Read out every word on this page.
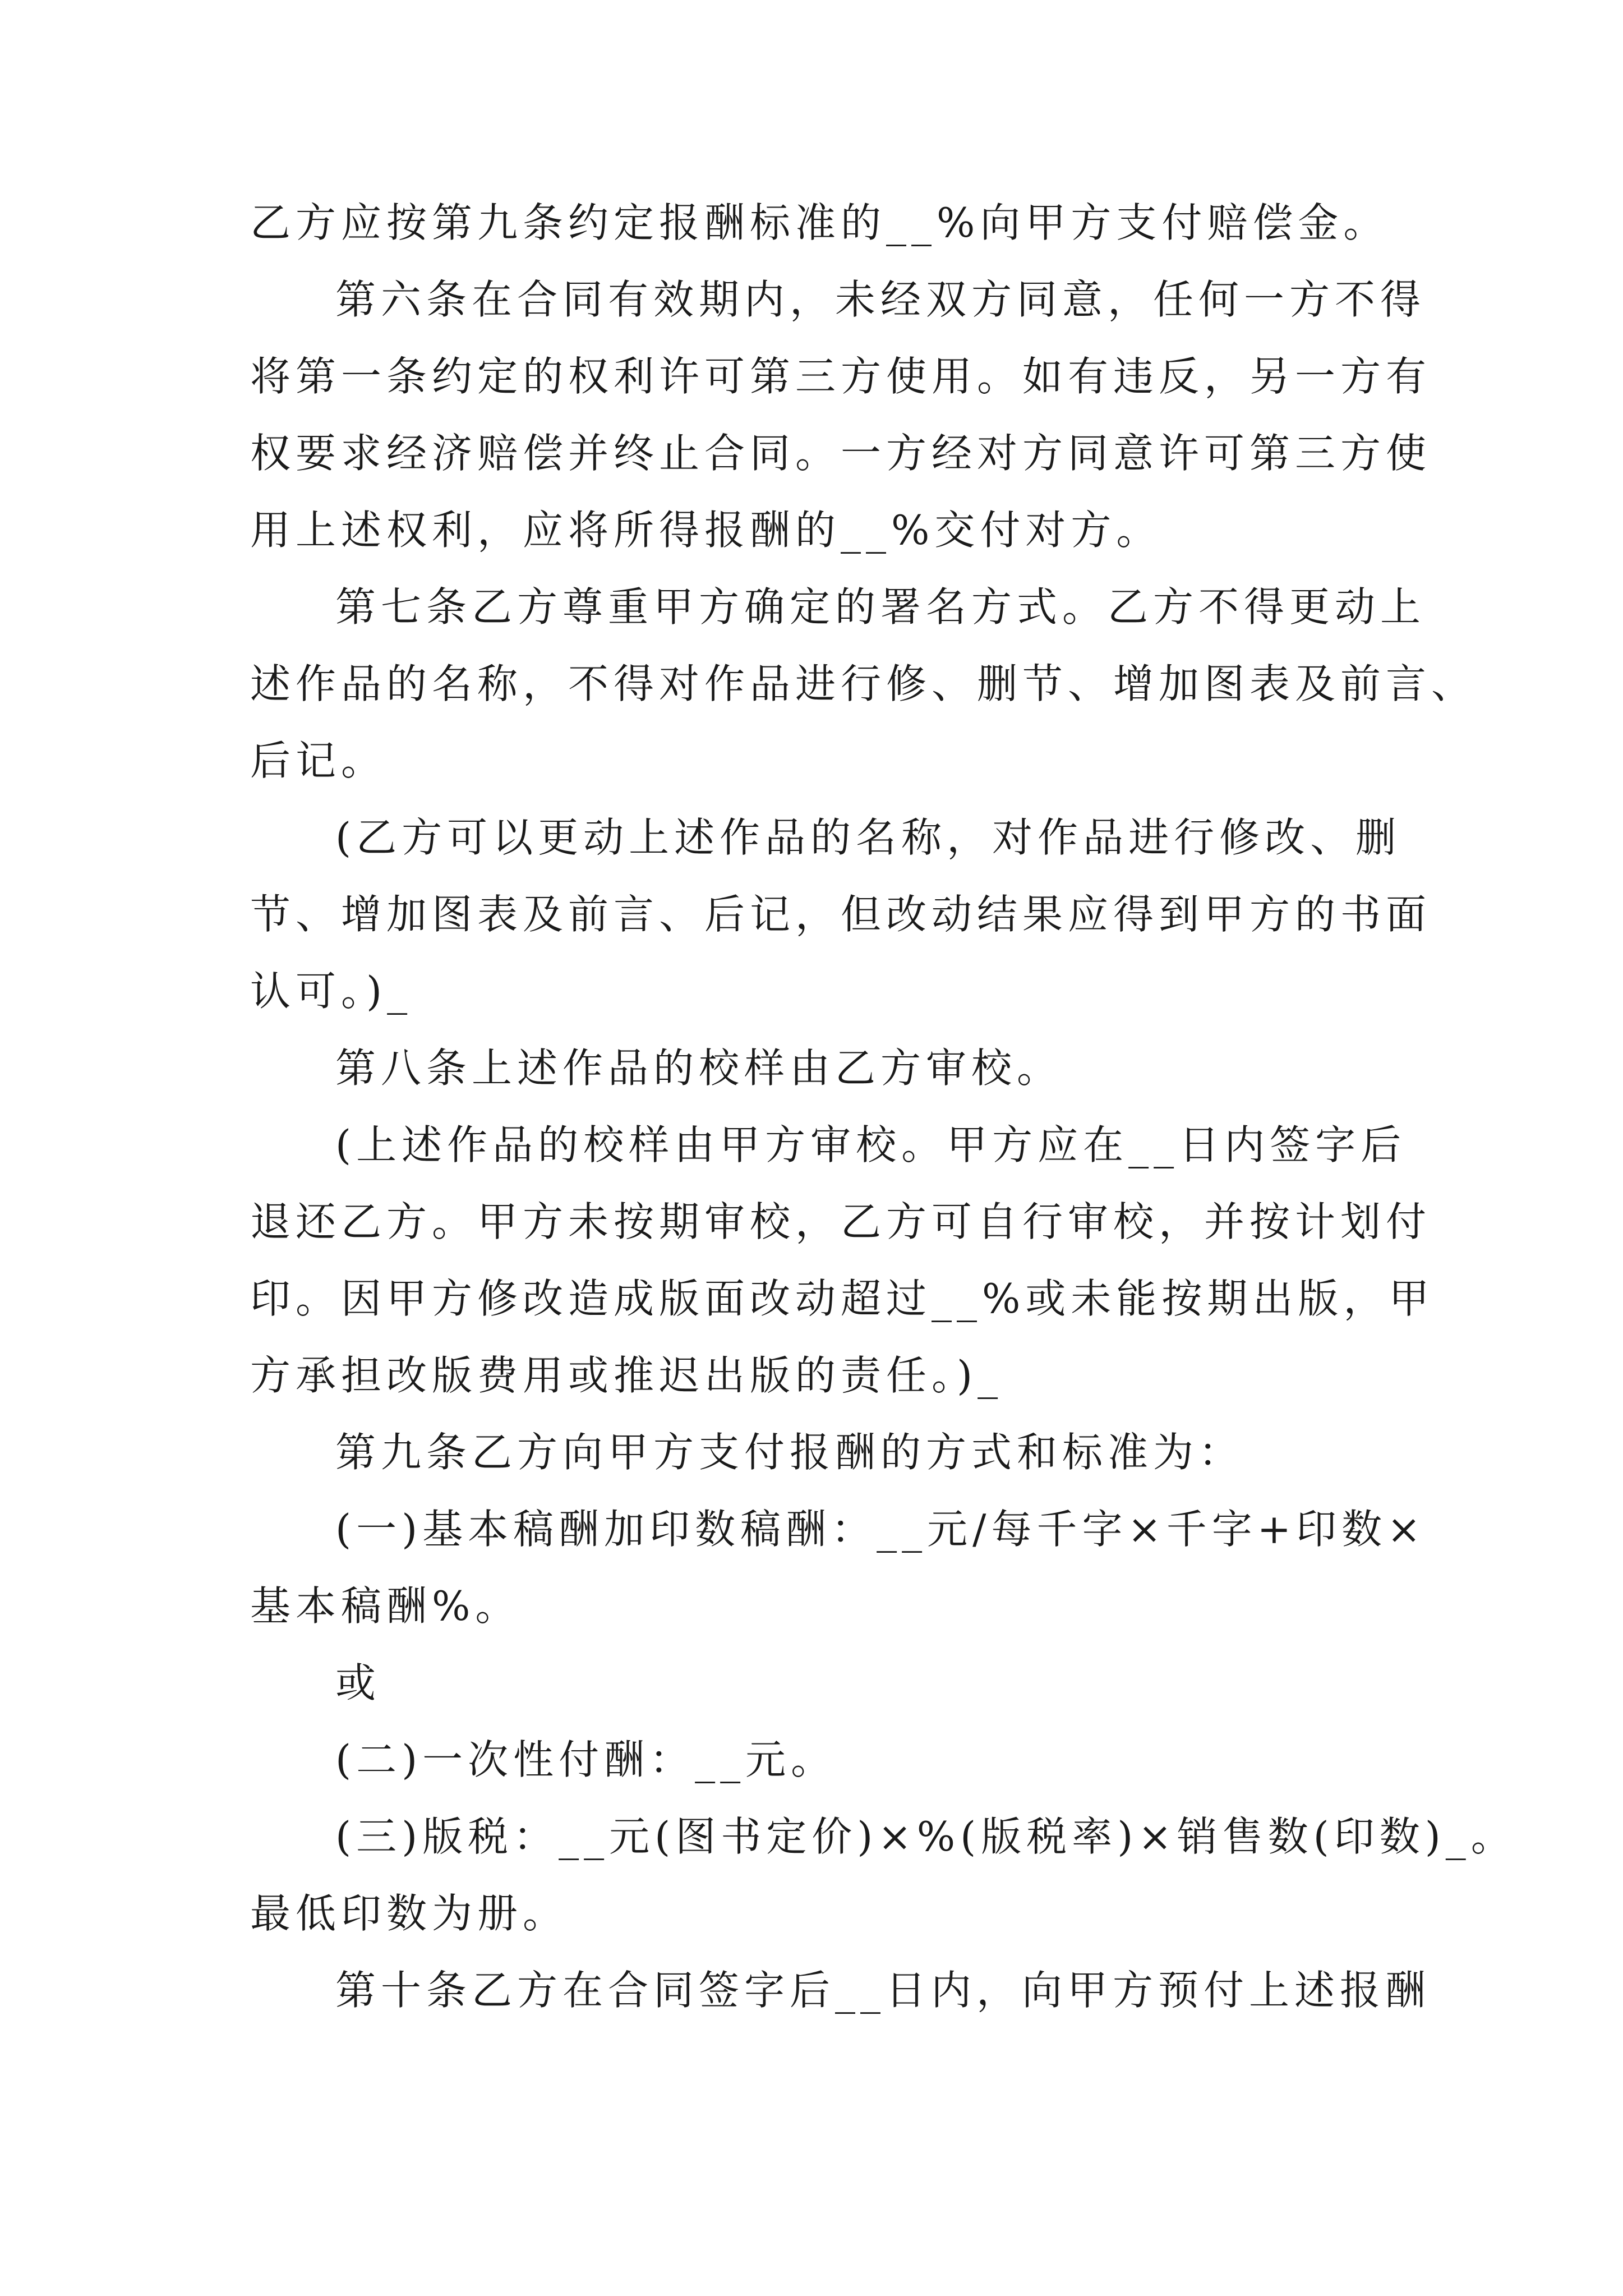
乙方应按第九条约定报酬标准的__%向甲方支付赔偿金。
第六条在合同有效期内，未经双方同意，任何一方不得
将第一条约定的权利许可第三方使用。如有违反，另一方有
权要求经济赔偿并终止合同。一方经对方同意许可第三方使
用上述权利，应将所得报酬的__%交付对方。
第七条乙方尊重甲方确定的署名方式。乙方不得更动上
述作品的名称，不得对作品进行修、删节、增加图表及前言、
后记。
(乙方可以更动上述作品的名称，对作品进行修改、删
节、增加图表及前言、后记，但改动结果应得到甲方的书面
认可。)_
第八条上述作品的校样由乙方审校。
(上述作品的校样由甲方审校。甲方应在__日内签字后
退还乙方。甲方未按期审校，乙方可自行审校，并按计划付
印。因甲方修改造成版面改动超过__%或未能按期出版，甲
方承担改版费用或推迟出版的责任。)_
第九条乙方向甲方支付报酬的方式和标准为：
(一)基本稿酬加印数稿酬：__元/每千字×千字+印数×
基本稿酬%。
或
(二)一次性付酬：__元。
(三)版税：__元(图书定价)×%(版税率)×销售数(印数)_。
最低印数为册。
第十条乙方在合同签字后__日内，向甲方预付上述报酬
